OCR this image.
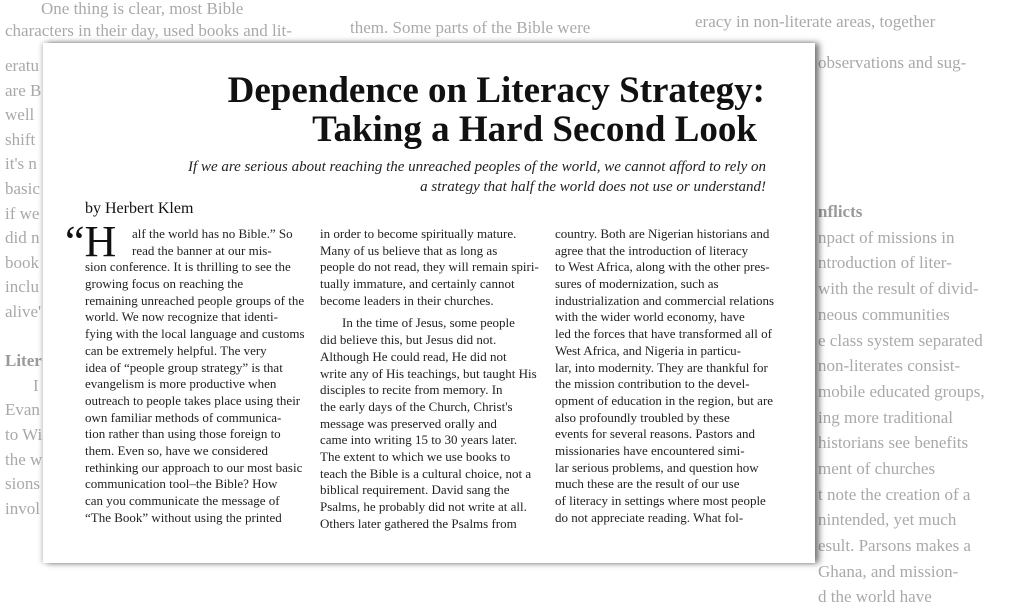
One thing is clear, most Bible
characters in their day, used books and lit-
eratu
are B
well
shift
it's n
basic
if we
did n
book
inclu
alive'
Liter
I
Evan
to Wi
the w
sions
invol
them. Some parts of the Bible were	eracy in non-literate areas, together
observations and sug-
nflicts
npact of missions in
ntroduction of liter-
with the result of divid-
neous communities
e class system separated
non-literates consist-
mobile educated groups,
ing more traditional
historians see benefits
ment of churches
t note the creation of a
nintended, yet much
esult. Parsons makes a
Ghana, and mission-
d the world have
Dependence on Literacy Strategy:
Taking a Hard Second Look
If we are serious about reaching the unreached peoples of the world, we cannot afford to rely on
a strategy that half the world does not use or understand!
by Herbert Klem
“H	alf the world has no Bible.” So
read the banner at our mis-
sion conference. It is thrilling to see the
growing focus on reaching the
remaining unreached people groups of the
world. We now recognize that identi-
fying with the local language and customs
can be extremely helpful. The very
idea of “people group strategy” is that
evangelism is more productive when
outreach to people takes place using their
own familiar methods of communica-
tion rather than using those foreign to
them. Even so, have we considered
rethinking our approach to our most basic
communication tool–the Bible? How
can you communicate the message of
“The Book” without using the printed
in order to become spiritually mature.
Many of us believe that as long as
people do not read, they will remain spiri-
tually immature, and certainly cannot
become leaders in their churches.
In the time of Jesus, some people
did believe this, but Jesus did not.
Although He could read, He did not
write any of His teachings, but taught His
disciples to recite from memory. In
the early days of the Church, Christ's
message was preserved orally and
came into writing 15 to 30 years later.
The extent to which we use books to
teach the Bible is a cultural choice, not a
biblical requirement. David sang the
Psalms, he probably did not write at all.
Others later gathered the Psalms from
country. Both are Nigerian historians and
agree that the introduction of literacy
to West Africa, along with the other pres-
sures of modernization, such as
industrialization and commercial relations
with the wider world economy, have
led the forces that have transformed all of
West Africa, and Nigeria in particu-
lar, into modernity. They are thankful for
the mission contribution to the devel-
opment of education in the region, but are
also profoundly troubled by these
events for several reasons. Pastors and
missionaries have encountered simi-
lar serious problems, and question how
much these are the result of our use
of literacy in settings where most people
do not appreciate reading. What fol-
